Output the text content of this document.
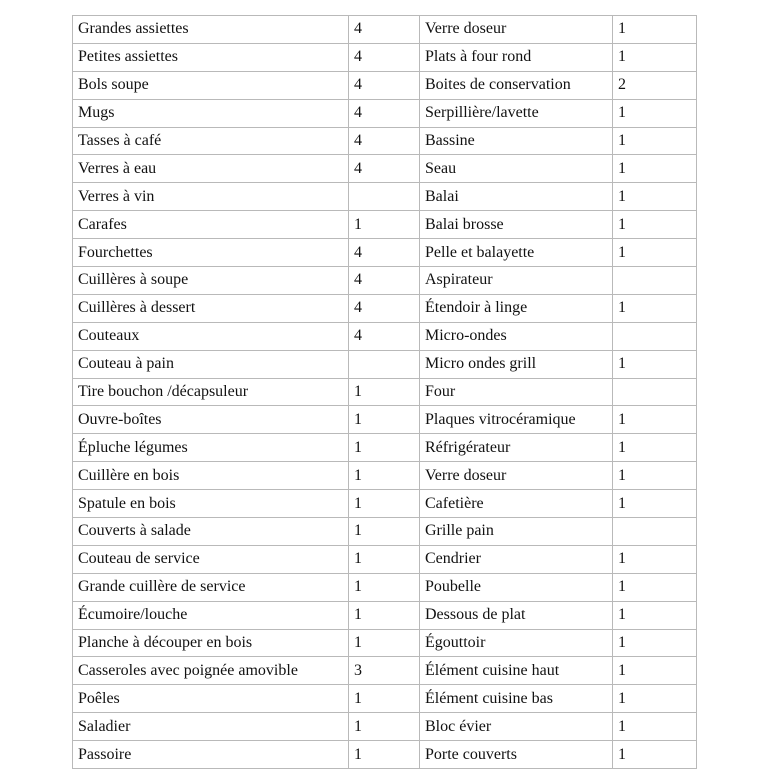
Grandes assiettes	4	Verre doseur	1
Petites assiettes	4	Plats à four rond	1
Bols soupe	4	Boites de conservation	2
Mugs	4	Serpillière/lavette	1
Tasses à café	4	Bassine	1
Verres à eau	4	Seau	1
Verres à vin		Balai	1
Carafes	1	Balai brosse	1
Fourchettes	4	Pelle et balayette	1
Cuillères à soupe	4	Aspirateur	
Cuillères à dessert	4	Étendoir à linge	1
Couteaux	4	Micro-ondes	
Couteau à pain		Micro ondes grill	1
Tire bouchon /décapsuleur	1	Four	
Ouvre-boîtes	1	Plaques vitrocéramique	1
Épluche légumes	1	Réfrigérateur	1
Cuillère en bois	1	Verre doseur	1
Spatule en bois	1	Cafetière	1
Couverts à salade	1	Grille pain	
Couteau de service	1	Cendrier	1
Grande cuillère de service	1	Poubelle	1
Écumoire/louche	1	Dessous de plat	1
Planche à découper en bois	1	Égouttoir	1
Casseroles avec poignée amovible	3	Élément cuisine haut	1
Poêles	1	Élément cuisine bas	1
Saladier	1	Bloc évier	1
Passoire	1	Porte couverts	1
